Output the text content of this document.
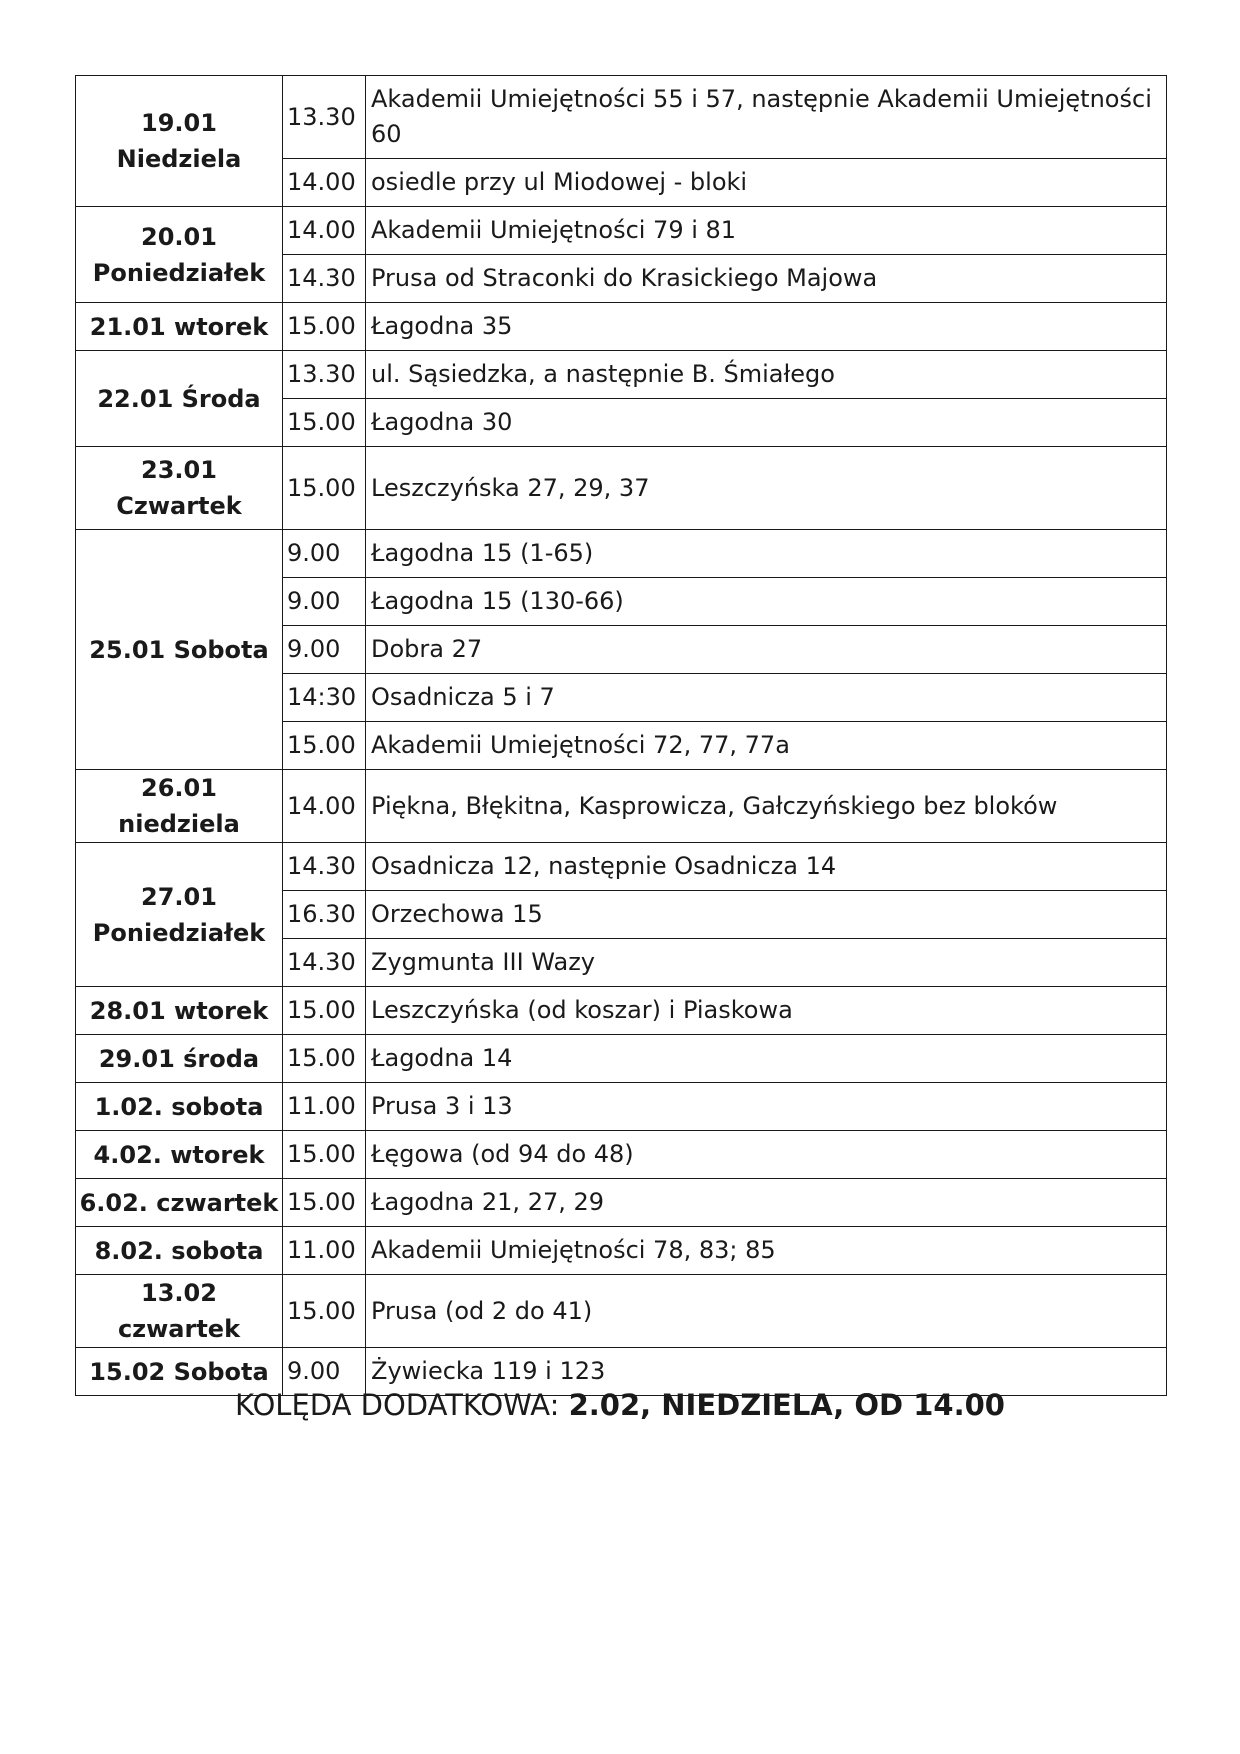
19.01
Niedziela	13.30	Akademii Umiejętności 55 i 57, następnie Akademii Umiejętności 60
	14.00	osiedle przy ul Miodowej - bloki

20.01
Poniedziałek	14.00	Akademii Umiejętności 79 i 81
	14.30	Prusa od Straconki do Krasickiego Majowa

21.01 wtorek	15.00	Łagodna 35

22.01 Środa	13.30	ul. Sąsiedzka, a następnie B. Śmiałego
	15.00	Łagodna 30

23.01
Czwartek	15.00	Leszczyńska 27, 29, 37

25.01 Sobota	9.00	Łagodna 15 (1-65)
	9.00	Łagodna 15 (130-66)
	9.00	Dobra 27
	14:30	Osadnicza 5 i 7
	15.00	Akademii Umiejętności 72, 77, 77a

26.01 niedziela	14.00	Piękna, Błękitna, Kasprowicza, Gałczyńskiego bez bloków

27.01
Poniedziałek	14.30	Osadnicza 12, następnie Osadnicza 14
	16.30	Orzechowa 15
	14.30	Zygmunta III Wazy

28.01 wtorek	15.00	Leszczyńska (od koszar) i Piaskowa

29.01 środa	15.00	Łagodna 14

1.02. sobota	11.00	Prusa 3 i 13

4.02. wtorek	15.00	Łęgowa (od 94 do 48)

6.02. czwartek	15.00	Łagodna 21, 27, 29

8.02. sobota	11.00	Akademii Umiejętności 78, 83; 85

13.02 czwartek	15.00	Prusa (od 2 do 41)

15.02 Sobota	9.00	Żywiecka 119 i 123
KOLĘDA DODATKOWA: 2.02, NIEDZIELA, OD 14.00
